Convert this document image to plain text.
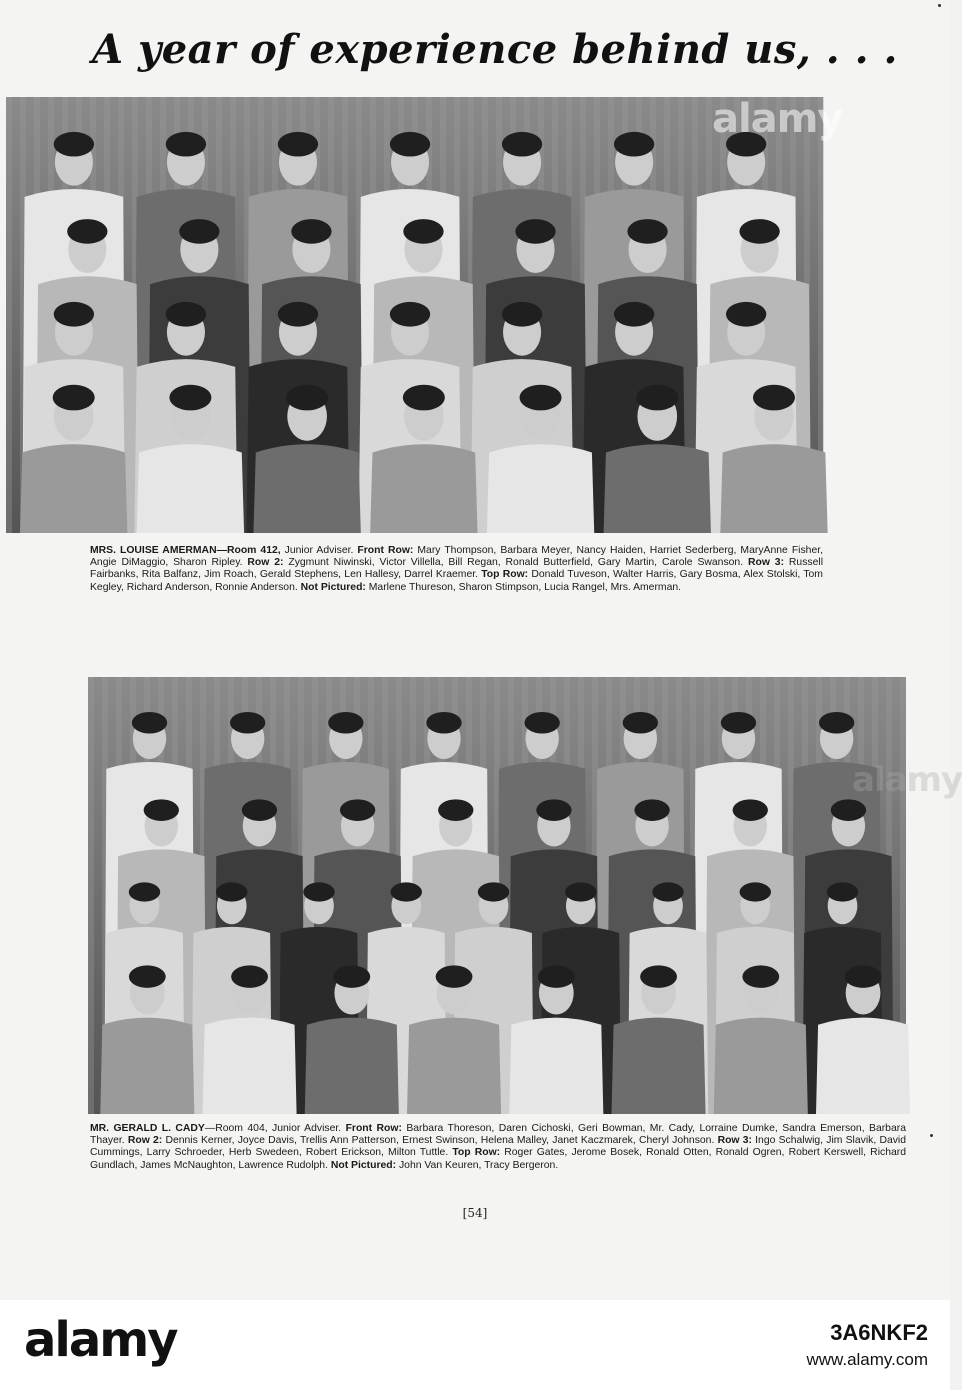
A year of experience behind us, . . .

MRS. LOUISE AMERMAN—Room 412, Junior Adviser. Front Row: Mary Thompson, Barbara Meyer, Nancy Haiden, Harriet Sederberg, MaryAnne Fisher, Angie DiMaggio, Sharon Ripley. Row 2: Zygmunt Niwinski, Victor Villella, Bill Regan, Ronald Butterfield, Gary Martin, Carole Swanson. Row 3: Russell Fairbanks, Rita Balfanz, Jim Roach, Gerald Stephens, Len Hallesy, Darrel Kraemer. Top Row: Donald Tuveson, Walter Harris, Gary Bosma, Alex Stolski, Tom Kegley, Richard Anderson, Ronnie Anderson. Not Pictured: Marlene Thureson, Sharon Stimpson, Lucia Rangel, Mrs. Amerman.

MR. GERALD L. CADY—Room 404, Junior Adviser. Front Row: Barbara Thoreson, Daren Cichoski, Geri Bowman, Mr. Cady, Lorraine Dumke, Sandra Emerson, Barbara Thayer. Row 2: Dennis Kerner, Joyce Davis, Trellis Ann Patterson, Ernest Swinson, Helena Malley, Janet Kaczmarek, Cheryl Johnson. Row 3: Ingo Schalwig, Jim Slavik, David Cummings, Larry Schroeder, Herb Swedeen, Robert Erickson, Milton Tuttle. Top Row: Roger Gates, Jerome Bosek, Ronald Otten, Ronald Ogren, Robert Kerswell, Richard Gundlach, James McNaughton, Lawrence Rudolph. Not Pictured: John Van Keuren, Tracy Bergeron.

[54]
alamy
alamy
alamy	3A6NKF2
www.alamy.com
